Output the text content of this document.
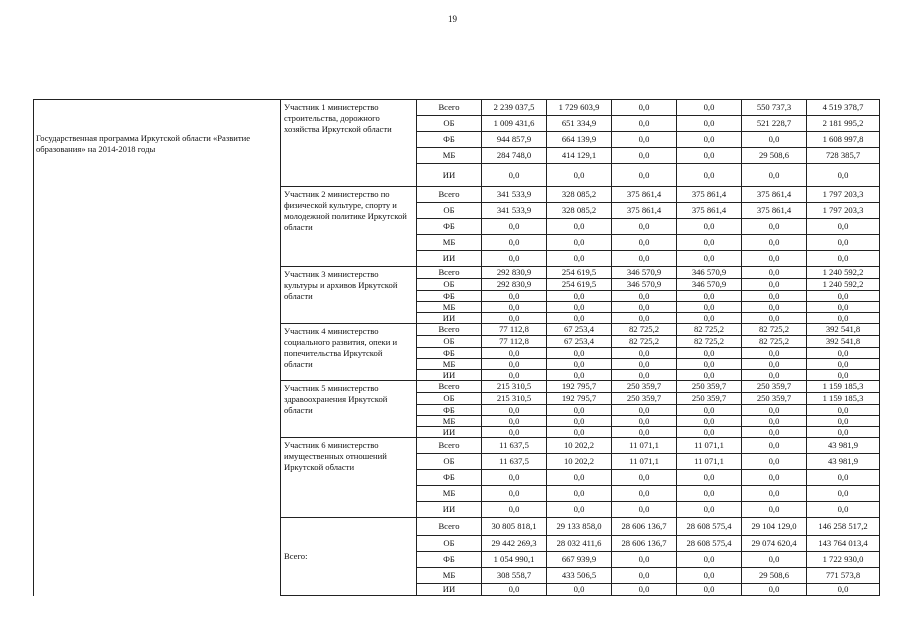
19
Государственная программа Иркутской области «Развитие образования» на 2014-2018 годы	Участник 1 министерство строительства, дорожного хозяйства Иркутской области	Всего	2 239 037,5	1 729 603,9	0,0	0,0	550 737,3	4 519 378,7
		ОБ	1 009 431,6	651 334,9	0,0	0,0	521 228,7	2 181 995,2
		ФБ	944 857,9	664 139,9	0,0	0,0	0,0	1 608 997,8
		МБ	284 748,0	414 129,1	0,0	0,0	29 508,6	728 385,7
		ИИ	0,0	0,0	0,0	0,0	0,0	0,0
	Участник 2 министерство по физической культуре, спорту и молодежной политике Иркутской области	Всего	341 533,9	328 085,2	375 861,4	375 861,4	375 861,4	1 797 203,3
		ОБ	341 533,9	328 085,2	375 861,4	375 861,4	375 861,4	1 797 203,3
		ФБ	0,0	0,0	0,0	0,0	0,0	0,0
		МБ	0,0	0,0	0,0	0,0	0,0	0,0
		ИИ	0,0	0,0	0,0	0,0	0,0	0,0
	Участник 3 министерство культуры и архивов Иркутской области	Всего	292 830,9	254 619,5	346 570,9	346 570,9	0,0	1 240 592,2
		ОБ	292 830,9	254 619,5	346 570,9	346 570,9	0,0	1 240 592,2
		ФБ	0,0	0,0	0,0	0,0	0,0	0,0
		МБ	0,0	0,0	0,0	0,0	0,0	0,0
		ИИ	0,0	0,0	0,0	0,0	0,0	0,0
	Участник 4 министерство социального развития, опеки и попечительства Иркутской области	Всего	77 112,8	67 253,4	82 725,2	82 725,2	82 725,2	392 541,8
		ОБ	77 112,8	67 253,4	82 725,2	82 725,2	82 725,2	392 541,8
		ФБ	0,0	0,0	0,0	0,0	0,0	0,0
		МБ	0,0	0,0	0,0	0,0	0,0	0,0
		ИИ	0,0	0,0	0,0	0,0	0,0	0,0
	Участник 5 министерство здравоохранения Иркутской области	Всего	215 310,5	192 795,7	250 359,7	250 359,7	250 359,7	1 159 185,3
		ОБ	215 310,5	192 795,7	250 359,7	250 359,7	250 359,7	1 159 185,3
		ФБ	0,0	0,0	0,0	0,0	0,0	0,0
		МБ	0,0	0,0	0,0	0,0	0,0	0,0
		ИИ	0,0	0,0	0,0	0,0	0,0	0,0
	Участник 6 министерство имущественных отношений Иркутской области	Всего	11 637,5	10 202,2	11 071,1	11 071,1	0,0	43 981,9
		ОБ	11 637,5	10 202,2	11 071,1	11 071,1	0,0	43 981,9
		ФБ	0,0	0,0	0,0	0,0	0,0	0,0
		МБ	0,0	0,0	0,0	0,0	0,0	0,0
		ИИ	0,0	0,0	0,0	0,0	0,0	0,0
	Всего:	Всего	30 805 818,1	29 133 858,0	28 606 136,7	28 608 575,4	29 104 129,0	146 258 517,2
		ОБ	29 442 269,3	28 032 411,6	28 606 136,7	28 608 575,4	29 074 620,4	143 764 013,4
		ФБ	1 054 990,1	667 939,9	0,0	0,0	0,0	1 722 930,0
		МБ	308 558,7	433 506,5	0,0	0,0	29 508,6	771 573,8
		ИИ	0,0	0,0	0,0	0,0	0,0	0,0
